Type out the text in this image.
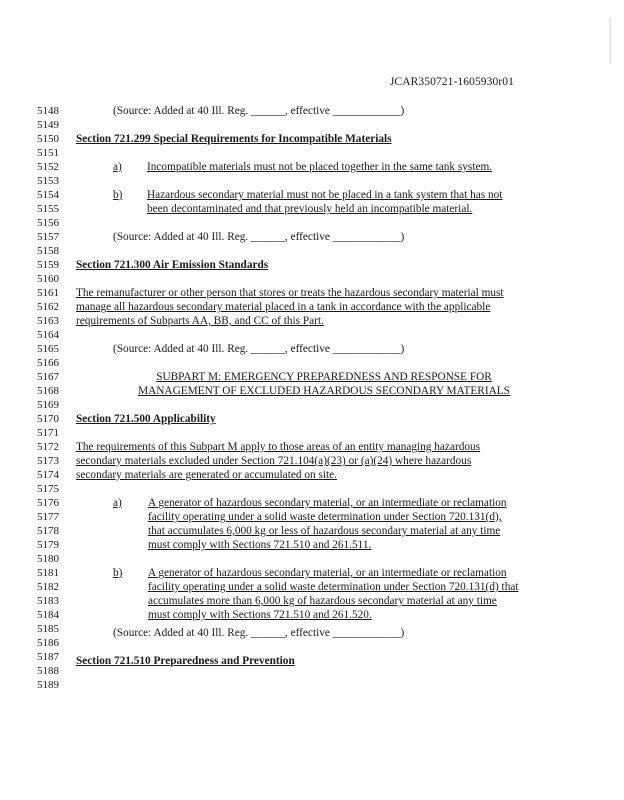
JCAR350721-1605930r01
5148
5149
5150
5151
5152
5153
5154
5155
5156
5157
5158
5159
5160
5161
5162
5163
5164
5165
5166
5167
5168
5169
5170
5171
5172
5173
5174
5175
5176
5177
5178
5179
5180
5181
5182
5183
5184
5185
5186
5187
5188
5189
(Source: Added at 40 Ill. Reg. ______, effective ____________)
Section 721.299 Special Requirements for Incompatible Materials
a) Incompatible materials must not be placed together in the same tank system.
b) Hazardous secondary material must not be placed in a tank system that has not
been decontaminated and that previously held an incompatible material.
(Source: Added at 40 Ill. Reg. ______, effective ____________)
Section 721.300 Air Emission Standards
The remanufacturer or other person that stores or treats the hazardous secondary material must
manage all hazardous secondary material placed in a tank in accordance with the applicable
requirements of Subparts AA, BB, and CC of this Part.
(Source: Added at 40 Ill. Reg. ______, effective ____________)
SUBPART M: EMERGENCY PREPAREDNESS AND RESPONSE FOR
MANAGEMENT OF EXCLUDED HAZARDOUS SECONDARY MATERIALS
Section 721.500 Applicability
The requirements of this Subpart M apply to those areas of an entity managing hazardous
secondary materials excluded under Section 721.104(a)(23) or (a)(24) where hazardous
secondary materials are generated or accumulated on site.
a) A generator of hazardous secondary material, or an intermediate or reclamation
facility operating under a solid waste determination under Section 720.131(d),
that accumulates 6,000 kg or less of hazardous secondary material at any time
must comply with Sections 721.510 and 261.511.
b) A generator of hazardous secondary material, or an intermediate or reclamation
facility operating under a solid waste determination under Section 720.131(d) that
accumulates more than 6,000 kg of hazardous secondary material at any time
must comply with Sections 721.510 and 261.520.
(Source: Added at 40 Ill. Reg. ______, effective ____________)
Section 721.510 Preparedness and Prevention
